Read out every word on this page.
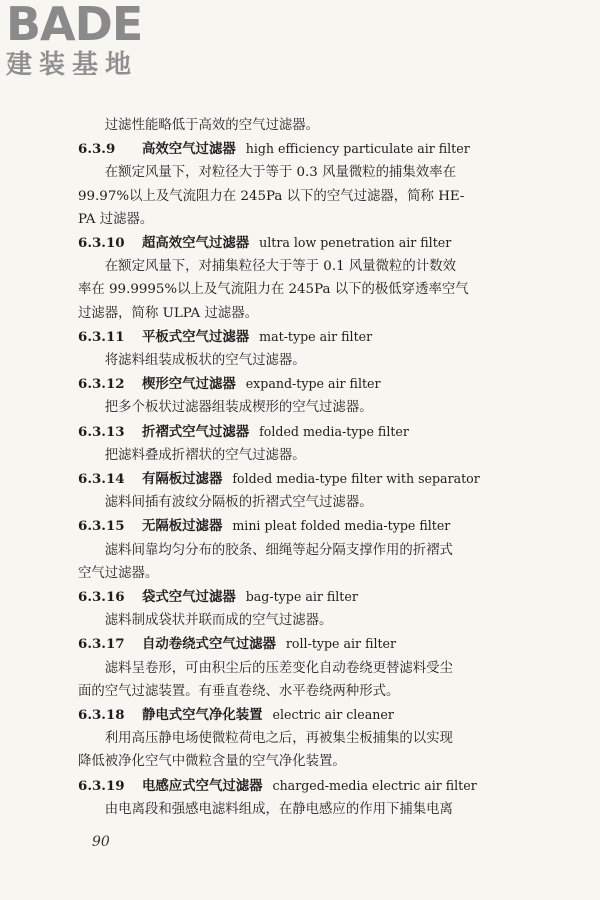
BADE
建装基地

过滤性能略低于高效的空气过滤器。

6.3.9 高效空气过滤器 high efficiency particulate air filter

在额定风量下，对粒径大于等于 0.3 风量微粒的捕集效率在

99.97%以上及气流阻力在 245Pa 以下的空气过滤器，简称 HE-

PA 过滤器。

6.3.10 超高效空气过滤器 ultra low penetration air filter

在额定风量下，对捕集粒径大于等于 0.1 风量微粒的计数效

率在 99.9995%以上及气流阻力在 245Pa 以下的极低穿透率空气

过滤器，简称 ULPA 过滤器。

6.3.11 平板式空气过滤器 mat-type air filter

将滤料组装成板状的空气过滤器。

6.3.12 楔形空气过滤器 expand-type air filter

把多个板状过滤器组装成楔形的空气过滤器。

6.3.13 折褶式空气过滤器 folded media-type filter

把滤料叠成折褶状的空气过滤器。

6.3.14 有隔板过滤器 folded media-type filter with separator

滤料间插有波纹分隔板的折褶式空气过滤器。

6.3.15 无隔板过滤器 mini pleat folded media-type filter

滤料间靠均匀分布的胶条、细绳等起分隔支撑作用的折褶式

空气过滤器。

6.3.16 袋式空气过滤器 bag-type air filter

滤料制成袋状并联而成的空气过滤器。

6.3.17 自动卷绕式空气过滤器 roll-type air filter

滤料呈卷形，可由积尘后的压差变化自动卷绕更替滤料受尘

面的空气过滤装置。有垂直卷绕、水平卷绕两种形式。

6.3.18 静电式空气净化装置 electric air cleaner

利用高压静电场使微粒荷电之后，再被集尘板捕集的以实现

降低被净化空气中微粒含量的空气净化装置。

6.3.19 电感应式空气过滤器 charged-media electric air filter

由电离段和强感电滤料组成，在静电感应的作用下捕集电离

90
